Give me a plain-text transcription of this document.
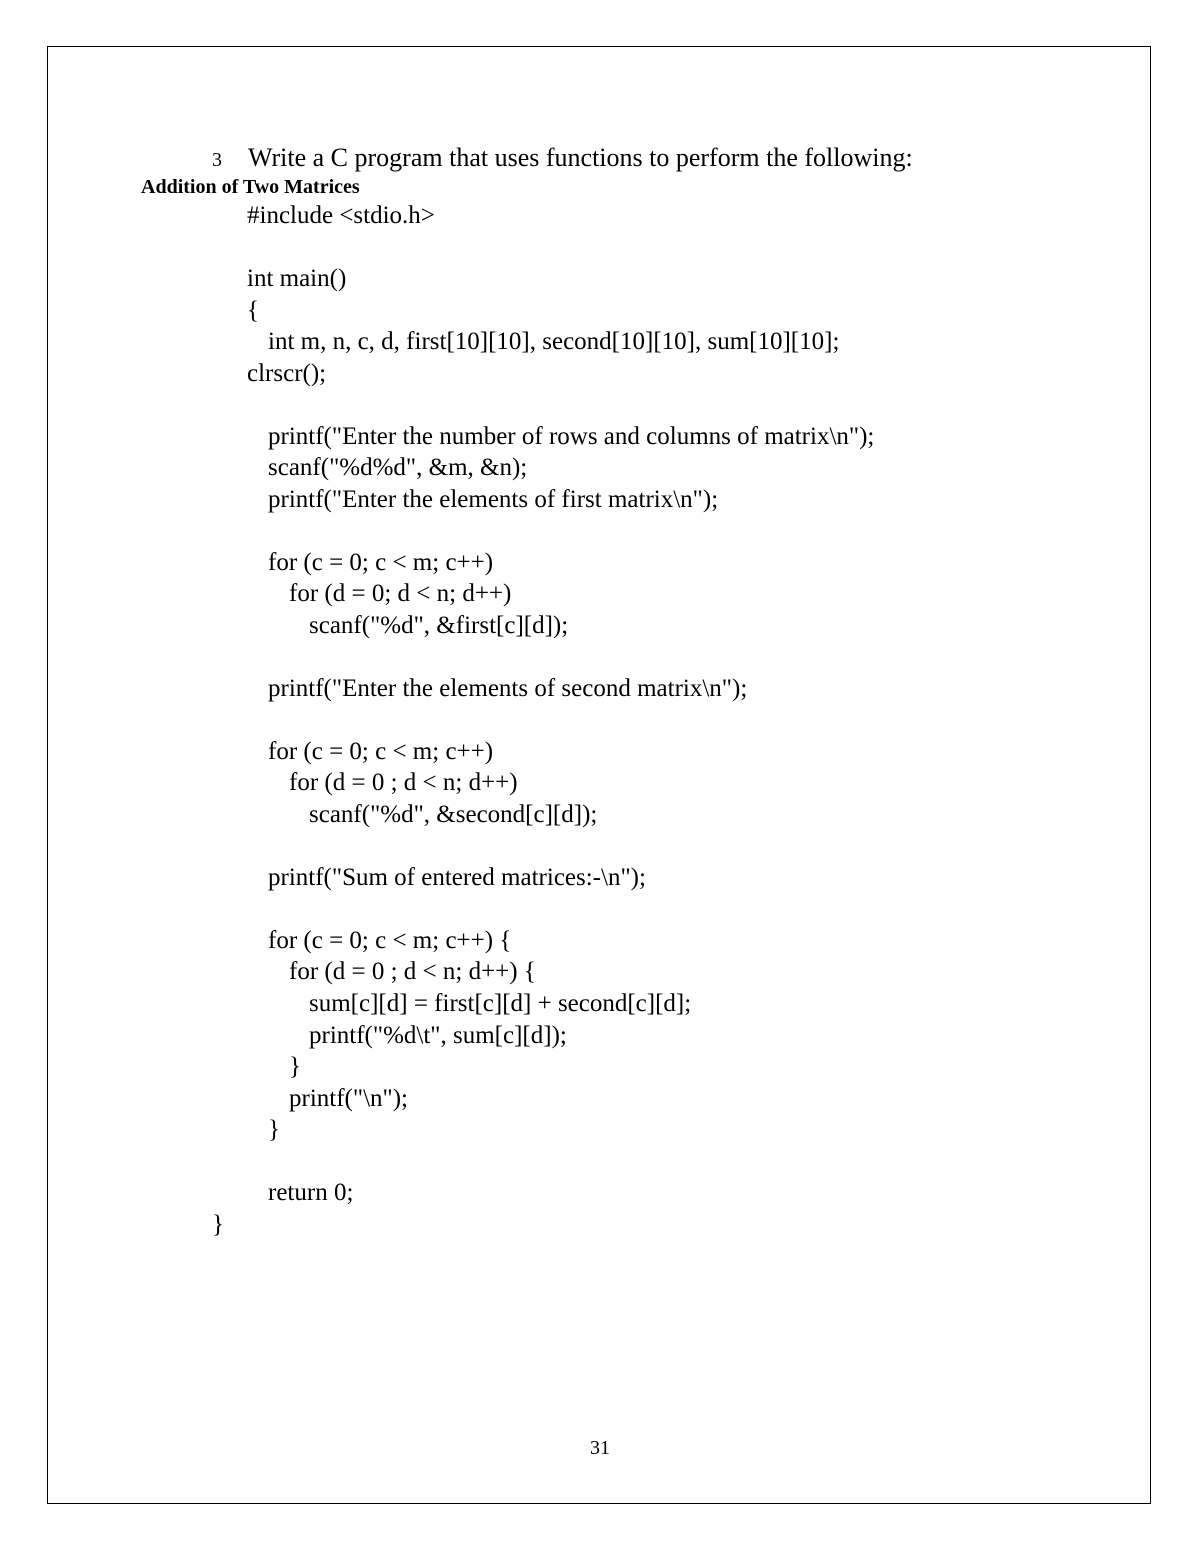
3 Write a C program that uses functions to perform the following:
Addition of Two Matrices
#include <stdio.h>
int main()
{
int m, n, c, d, first[10][10], second[10][10], sum[10][10];
clrscr();
printf("Enter the number of rows and columns of matrix\n");
scanf("%d%d", &m, &n);
printf("Enter the elements of first matrix\n");
for (c = 0; c < m; c++)
for (d = 0; d < n; d++)
scanf("%d", &first[c][d]);
printf("Enter the elements of second matrix\n");
for (c = 0; c < m; c++)
for (d = 0 ; d < n; d++)
scanf("%d", &second[c][d]);
printf("Sum of entered matrices:-\n");
for (c = 0; c < m; c++) {
for (d = 0 ; d < n; d++) {
sum[c][d] = first[c][d] + second[c][d];
printf("%d\t", sum[c][d]);
}
printf("\n");
}
return 0;
}
31
